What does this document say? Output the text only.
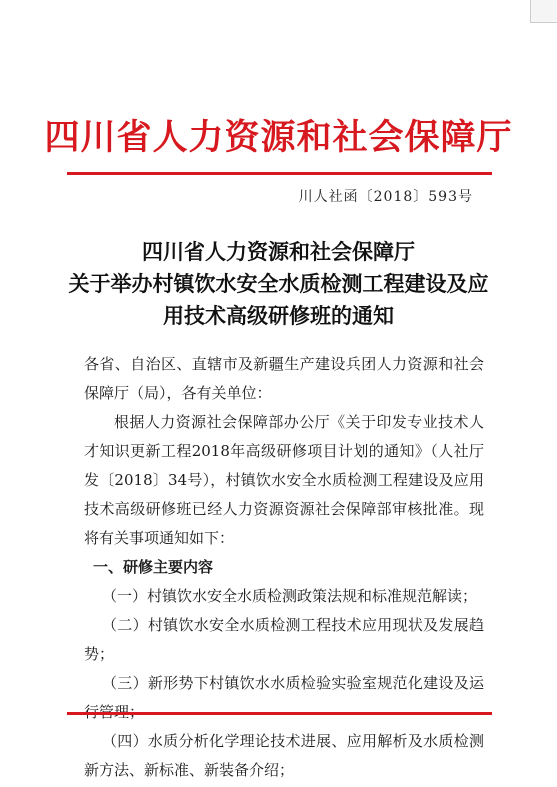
四川省人力资源和社会保障厅
川人社函〔2018〕593号
四川省人力资源和社会保障厅
关于举办村镇饮水安全水质检测工程建设及应
用技术高级研修班的通知

各省、自治区、直辖市及新疆生产建设兵团人力资源和社会保障厅（局），各有关单位：

根据人力资源社会保障部办公厅《关于印发专业技术人才知识更新工程2018年高级研修项目计划的通知》（人社厅发〔2018〕34号），村镇饮水安全水质检测工程建设及应用技术高级研修班已经人力资源资源社会保障部审核批准。现将有关事项通知如下：

一、研修主要内容

（一）村镇饮水安全水质检测政策法规和标准规范解读；

（二）村镇饮水安全水质检测工程技术应用现状及发展趋势；

（三）新形势下村镇饮水水质检验实验室规范化建设及运

（四）水质分析化学理论技术进展、应用解析及水质检测新方法、新标准、新装备介绍；
